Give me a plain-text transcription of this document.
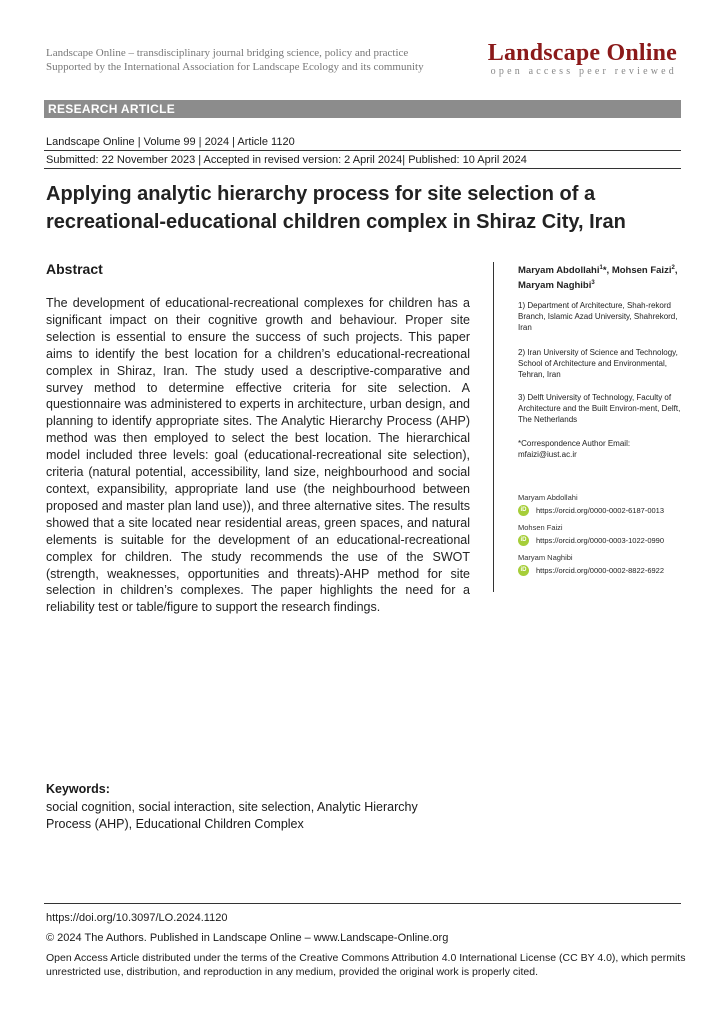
Landscape Online – transdisciplinary journal bridging science, policy and practice
Supported by the International Association for Landscape Ecology and its community
Landscape Online
open access peer reviewed
RESEARCH ARTICLE
Landscape Online | Volume 99 | 2024 | Article 1120
Submitted: 22 November 2023 | Accepted in revised version: 2 April 2024| Published: 10 April 2024
Applying analytic hierarchy process for site selection of a recreational-educational children complex in Shiraz City, Iran
Abstract
The development of educational-recreational complexes for children has a significant impact on their cognitive growth and behaviour. Proper site selection is essential to ensure the success of such projects. This paper aims to identify the best location for a children’s educational-recreational complex in Shiraz, Iran. The study used a descriptive-comparative and survey method to determine effective criteria for site selection. A questionnaire was administered to experts in architecture, urban design, and planning to identify appropriate sites. The Analytic Hierarchy Process (AHP) method was then employed to select the best location. The hierarchical model included three levels: goal (educational-recreational site selection), criteria (natural potential, accessibility, land size, neighbourhood and social context, expansibility, appropriate land use (the neighbourhood between proposed and master plan land use)), and three alternative sites. The results showed that a site located near residential areas, green spaces, and natural elements is suitable for the development of an educational-recreational complex for children. The study recommends the use of the SWOT (strength, weaknesses, opportunities and threats)-AHP method for site selection in children’s complexes. The paper highlights the need for a reliability test or table/figure to support the research findings.
Maryam Abdollahi$^1$*, Mohsen Faizi$^2$, Maryam Naghibi$^3$
1) Department of Architecture, Shah-rekord Branch, Islamic Azad University, Shahrekord, Iran
2) Iran University of Science and Technology, School of Architecture and Environmental, Tehran, Iran
3) Delft University of Technology, Faculty of Architecture and the Built Environ-ment, Delft, The Netherlands
*Correspondence Author Email:
mfaizi@iust.ac.ir
Maryam Abdollahi
iD	https://orcid.org/0000-0002-6187-0013
Mohsen Faizi
iD	https://orcid.org/0000-0003-1022-0990
Maryam Naghibi
iD	https://orcid.org/0000-0002-8822-6922
Keywords:
social cognition, social interaction, site selection, Analytic Hierarchy Process (AHP), Educational Children Complex
https://doi.org/10.3097/LO.2024.1120
© 2024 The Authors. Published in Landscape Online – www.Landscape-Online.org
Open Access Article distributed under the terms of the Creative Commons Attribution 4.0 International License (CC BY 4.0), which permits unrestricted use, distribution, and reproduction in any medium, provided the original work is properly cited.
